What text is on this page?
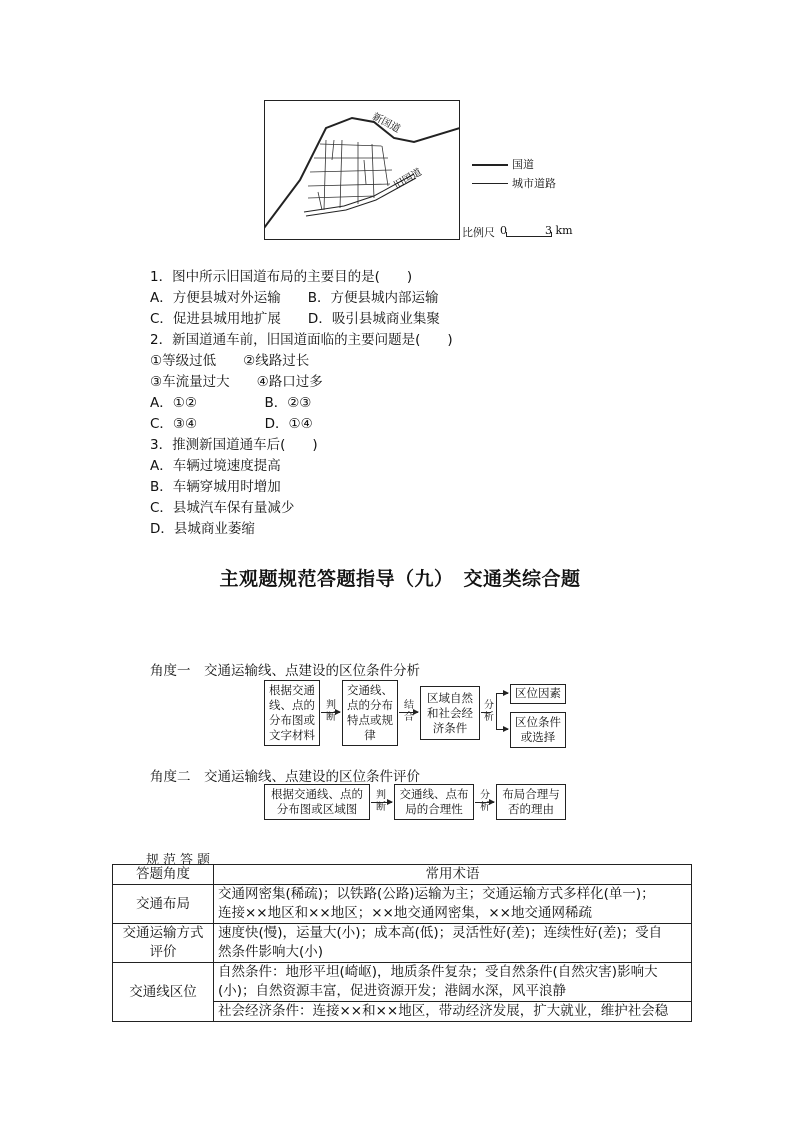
新国道
旧国道
国道
城市道路
比例尺 0	3 km
1．图中所示旧国道布局的主要目的是(　　)
A．方便县城对外运输　　B．方便县城内部运输
C．促进县城用地扩展　　D．吸引县城商业集聚
2．新国道通车前，旧国道面临的主要问题是(　　)
①等级过低　　②线路过长
③车流量过大　　④路口过多
A．①②　　　　　B．②③
C．③④　　　　　D．①④
3．推测新国道通车后(　　)
A．车辆过境速度提高
B．车辆穿城用时增加
C．县城汽车保有量减少
D．县城商业萎缩
主观题规范答题指导（九）　交通类综合题
角度一　交通运输线、点建设的区位条件分析
根据交通线、点的分布图或文字材料
判断
交通线、点的分布特点或规律
结合
区域自然和社会经济条件
分析
区位因素
区位条件或选择
角度二　交通运输线、点建设的区位条件评价
根据交通线、点的分布图或区域图
判断
交通线、点布局的合理性
分析
布局合理与否的理由
规范答题
答题角度	常用术语
交通布局	交通网密集(稀疏)；以铁路(公路)运输为主；交通运输方式多样化(单一)；
连接××地区和××地区；××地交通网密集，××地交通网稀疏

交通运输方式评价	速度快(慢)，运量大(小)；成本高(低)；灵活性好(差)；连续性好(差)；受自
然条件影响大(小)

交通线区位	自然条件：地形平坦(崎岖)，地质条件复杂；受自然条件(自然灾害)影响大
(小)；自然资源丰富，促进资源开发；港阔水深，风平浪静

	社会经济条件：连接××和××地区，带动经济发展，扩大就业，维护社会稳
